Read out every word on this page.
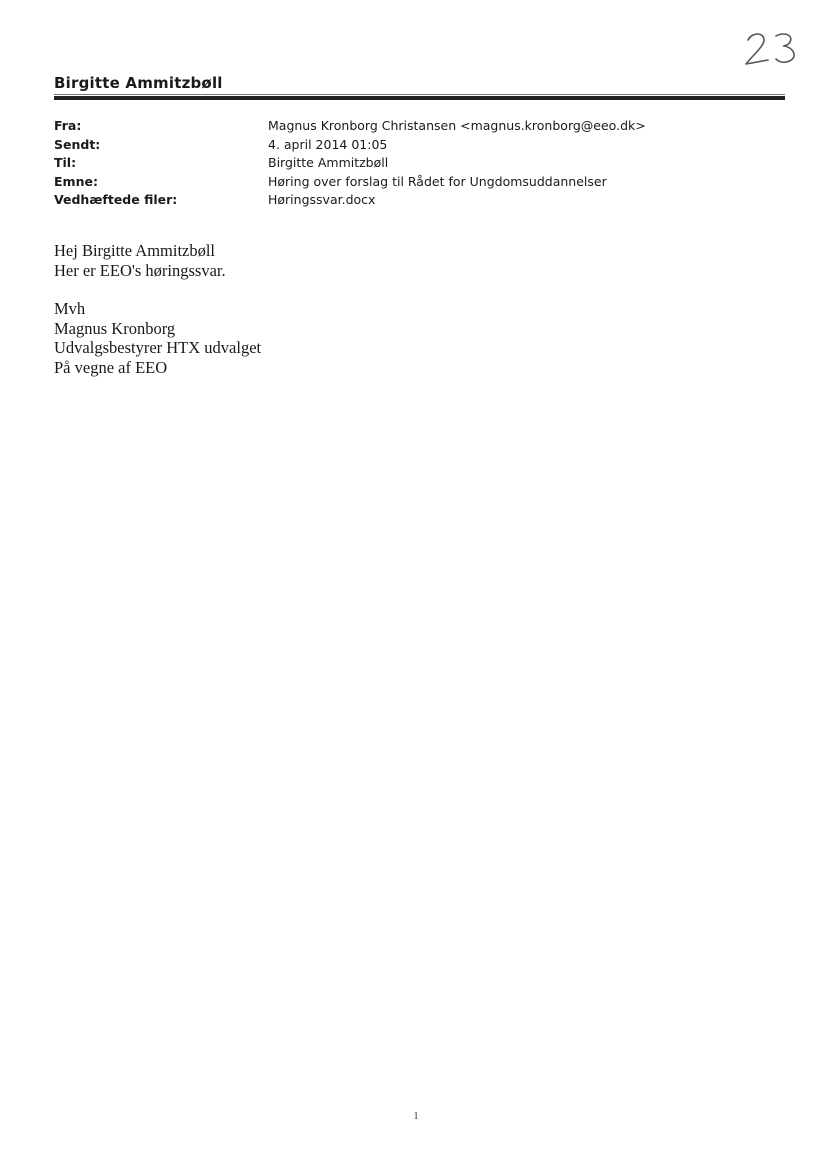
Birgitte Ammitzbøll
Fra:	Magnus Kronborg Christansen <magnus.kronborg@eeo.dk>
Sendt:	4. april 2014 01:05
Til:	Birgitte Ammitzbøll
Emne:	Høring over forslag til Rådet for Ungdomsuddannelser
Vedhæftede filer:	Høringssvar.docx
Hej Birgitte Ammitzbøll
Her er EEO's høringssvar.
Mvh
Magnus Kronborg
Udvalgsbestyrer HTX udvalget
På vegne af EEO
1
